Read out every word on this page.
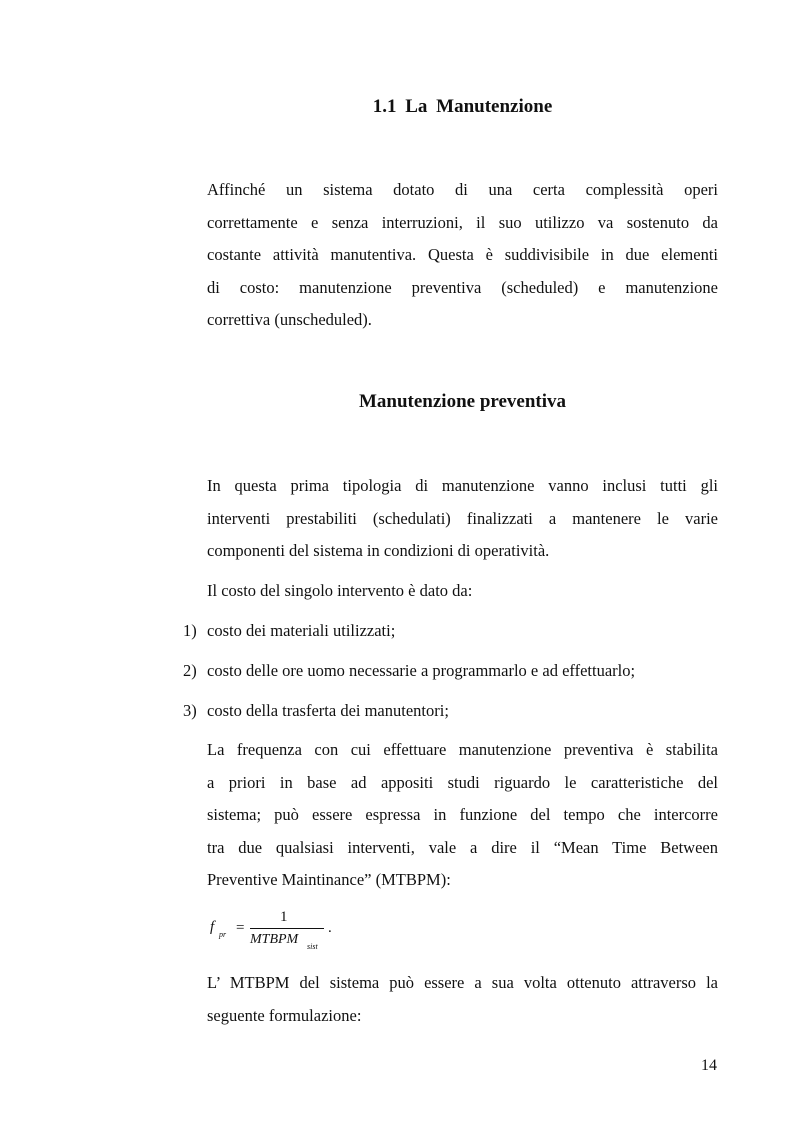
1.1 La Manutenzione
Affinché un sistema dotato di una certa complessità operi
correttamente e senza interruzioni, il suo utilizzo va sostenuto da
costante attività manutentiva. Questa è suddivisibile in due elementi
di costo: manutenzione preventiva (scheduled) e manutenzione
correttiva (unscheduled).
Manutenzione preventiva
In questa prima tipologia di manutenzione vanno inclusi tutti gli
interventi prestabiliti (schedulati) finalizzati a mantenere le varie
componenti del sistema in condizioni di operatività.
Il costo del singolo intervento è dato da:
1) costo dei materiali utilizzati;
2) costo delle ore uomo necessarie a programmarlo e ad effettuarlo;
3) costo della trasferta dei manutentori;
La frequenza con cui effettuare manutenzione preventiva è stabilita
a priori in base ad appositi studi riguardo le caratteristiche del
sistema; può essere espressa in funzione del tempo che intercorre
tra due qualsiasi interventi, vale a dire il “Mean Time Between
Preventive Maintinance” (MTBPM):
f pr =
1
MTBPM sist
.
L’ MTBPM del sistema può essere a sua volta ottenuto attraverso la
seguente formulazione:
14
